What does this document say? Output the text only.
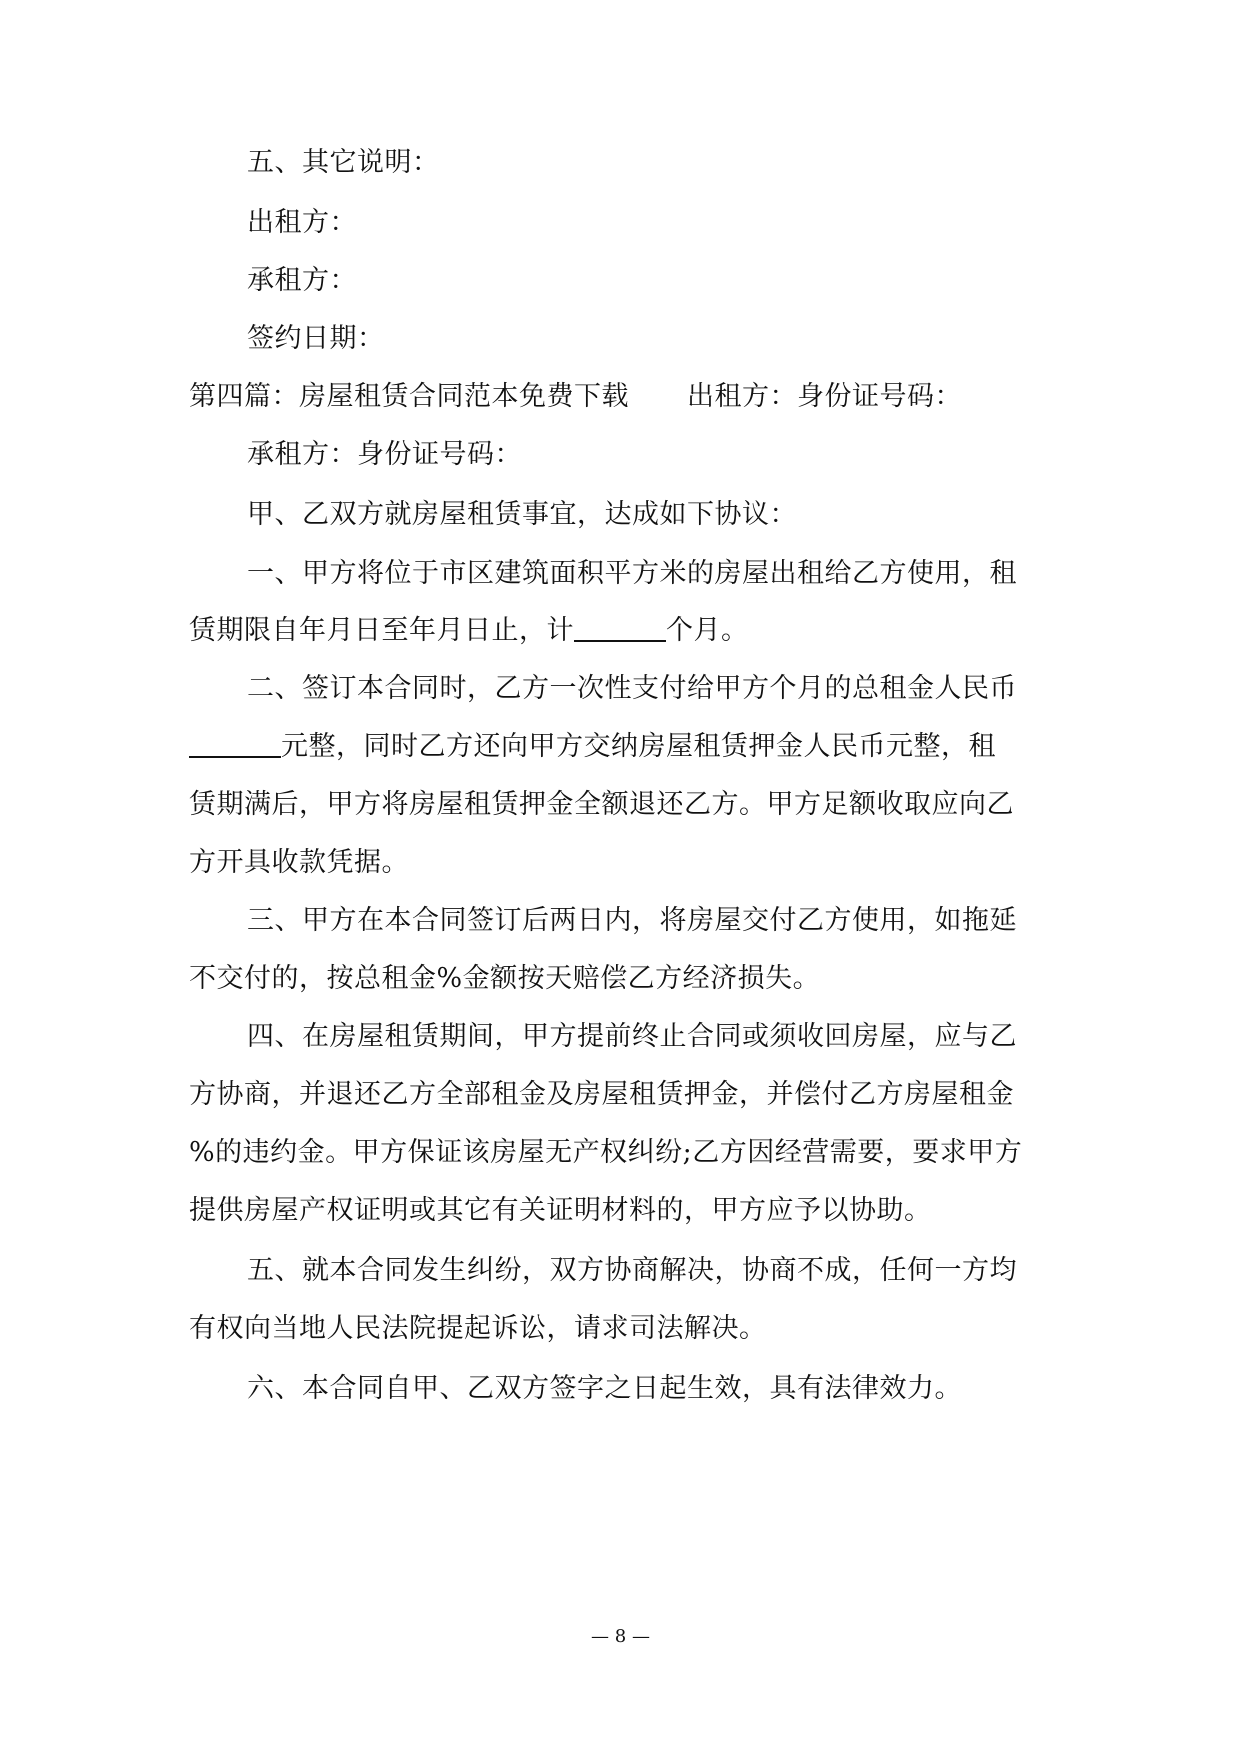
五、其它说明：
出租方：
承租方：
签约日期：
第四篇：房屋租赁合同范本免费下载 出租方：身份证号码：
承租方：身份证号码：
甲、乙双方就房屋租赁事宜，达成如下协议：
一、甲方将位于市区建筑面积平方米的房屋出租给乙方使用，租
赁期限自年月日至年月日止，计	个月。
二、签订本合同时，乙方一次性支付给甲方个月的总租金人民币
元整，同时乙方还向甲方交纳房屋租赁押金人民币元整，租
赁期满后，甲方将房屋租赁押金全额退还乙方。甲方足额收取应向乙
方开具收款凭据。
三、甲方在本合同签订后两日内，将房屋交付乙方使用，如拖延
不交付的，按总租金%金额按天赔偿乙方经济损失。
四、在房屋租赁期间，甲方提前终止合同或须收回房屋，应与乙
方协商，并退还乙方全部租金及房屋租赁押金，并偿付乙方房屋租金
%的违约金。甲方保证该房屋无产权纠纷;乙方因经营需要，要求甲方
提供房屋产权证明或其它有关证明材料的，甲方应予以协助。
五、就本合同发生纠纷，双方协商解决，协商不成，任何一方均
有权向当地人民法院提起诉讼，请求司法解决。
六、本合同自甲、乙双方签字之日起生效，具有法律效力。
— 8 —
